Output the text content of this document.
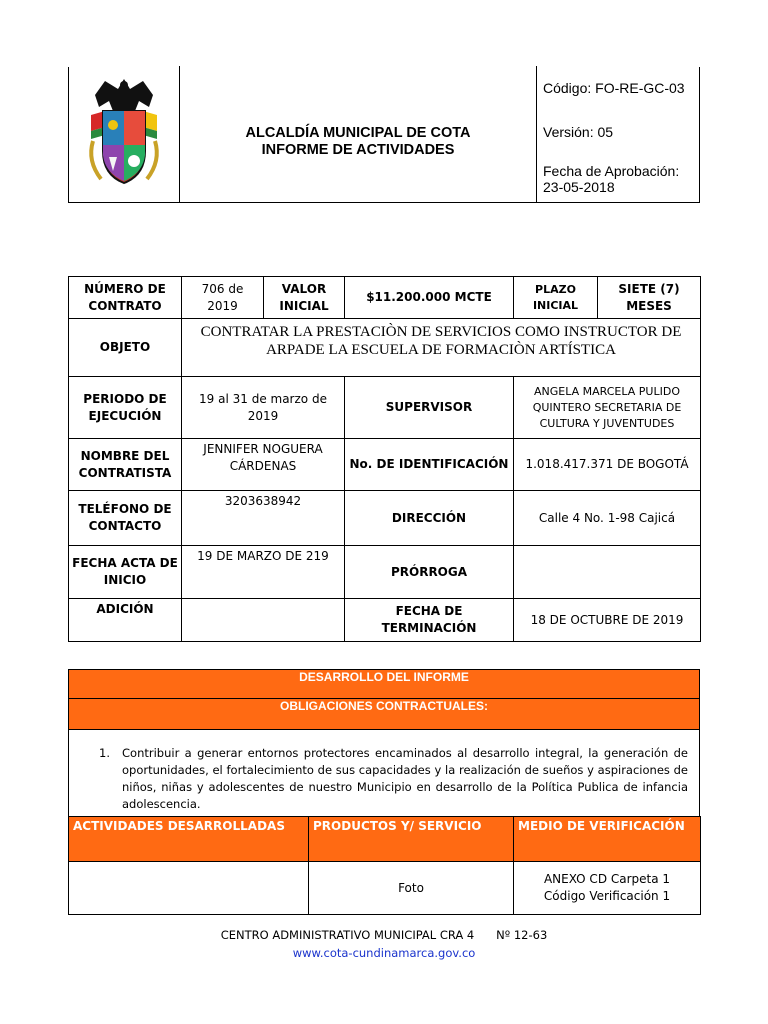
ALCALDÍA MUNICIPAL DE COTA
INFORME DE ACTIVIDADES
Código: FO-RE-GC-03
Versión: 05
Fecha de Aprobación:
23-05-2018
NÚMERO DE CONTRATO	706 de 2019	VALOR INICIAL	$11.200.000 MCTE	PLAZO INICIAL	SIETE (7) MESES
OBJETO	CONTRATAR LA PRESTACIÒN DE SERVICIOS COMO INSTRUCTOR DE ARPADE LA ESCUELA DE FORMACIÒN ARTÍSTICA				
PERIODO DE EJECUCIÓN	19 al 31 de marzo de 2019		SUPERVISOR	ANGELA MARCELA PULIDO QUINTERO SECRETARIA DE CULTURA Y JUVENTUDES	
NOMBRE DEL CONTRATISTA	JENNIFER NOGUERA CÁRDENAS		No. DE IDENTIFICACIÓN	1.018.417.371 DE BOGOTÁ	
TELÉFONO DE CONTACTO	3203638942		DIRECCIÓN	Calle 4 No. 1-98 Cajicá	
FECHA ACTA DE INICIO	19 DE MARZO DE 219		PRÓRROGA		
ADICIÓN			FECHA DE TERMINACIÓN	18 DE OCTUBRE DE 2019	
DESARROLLO DEL INFORME
OBLIGACIONES CONTRACTUALES:
1. Contribuir a generar entornos protectores encaminados al desarrollo integral, la generación de oportunidades, el fortalecimiento de sus capacidades y la realización de sueños y aspiraciones de niños, niñas y adolescentes de nuestro Municipio en desarrollo de la Política Publica de infancia adolescencia.

ACTIVIDADES DESARROLLADAS	PRODUCTOS Y/ SERVICIO	MEDIO DE VERIFICACIÓN
	Foto	ANEXO CD Carpeta 1
Código Verificación 1
CENTRO ADMINISTRATIVO MUNICIPAL CRA 4      Nº 12-63
www.cota-cundinamarca.gov.co
